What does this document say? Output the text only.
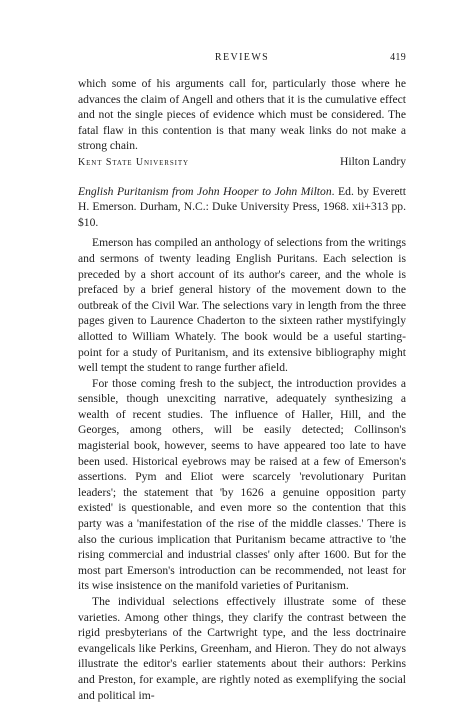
REVIEWS	419

which some of his arguments call for, particularly those where he advances the claim of Angell and others that it is the cumulative effect and not the single pieces of evidence which must be considered. The fatal flaw in this contention is that many weak links do not make a strong chain.

Kent State University	Hilton Landry

English Puritanism from John Hooper to John Milton. Ed. by Everett H. Emerson. Durham, N.C.: Duke University Press, 1968. xii+313 pp. $10.

Emerson has compiled an anthology of selections from the writings and sermons of twenty leading English Puritans. Each selection is preceded by a short account of its author's career, and the whole is prefaced by a brief general history of the movement down to the outbreak of the Civil War. The selections vary in length from the three pages given to Laurence Chaderton to the sixteen rather mystifyingly allotted to William Whately. The book would be a useful starting-point for a study of Puritanism, and its extensive bibliography might well tempt the student to range further afield.

For those coming fresh to the subject, the introduction provides a sensible, though unexciting narrative, adequately synthesizing a wealth of recent studies. The influence of Haller, Hill, and the Georges, among others, will be easily detected; Collinson's magisterial book, however, seems to have appeared too late to have been used. Historical eyebrows may be raised at a few of Emerson's assertions. Pym and Eliot were scarcely 'revolutionary Puritan leaders'; the statement that 'by 1626 a genuine opposition party existed' is questionable, and even more so the contention that this party was a 'manifestation of the rise of the middle classes.' There is also the curious implication that Puritanism became attractive to 'the rising commercial and industrial classes' only after 1600. But for the most part Emerson's introduction can be recommended, not least for its wise insistence on the manifold varieties of Puritanism.

The individual selections effectively illustrate some of these varieties. Among other things, they clarify the contrast between the rigid presbyterians of the Cartwright type, and the less doctrinaire evangelicals like Perkins, Greenham, and Hieron. They do not always illustrate the editor's earlier statements about their authors: Perkins and Preston, for example, are rightly noted as exemplifying the social and political im-
